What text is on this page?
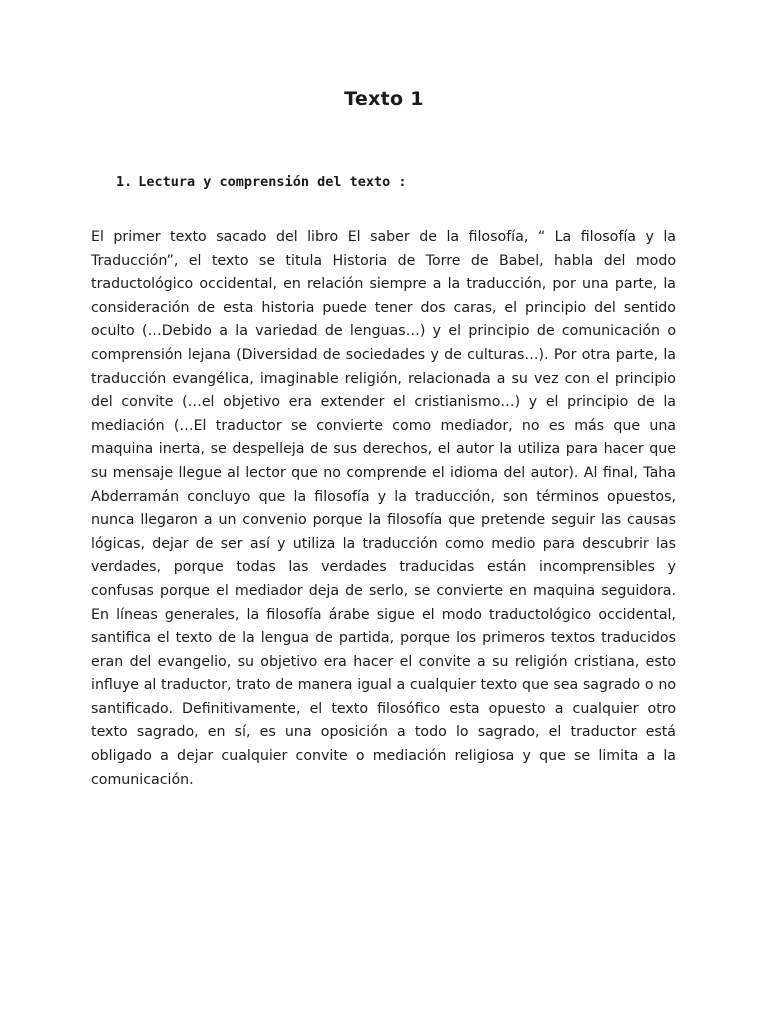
Texto 1
1. Lectura y comprensión del texto :

El primer texto sacado del libro El saber de la filosofía, “ La filosofía y la Traducción”, el texto se titula Historia de Torre de Babel, habla del modo traductológico occidental, en relación siempre a la traducción, por una parte, la consideración de esta historia puede tener dos caras, el principio del sentido oculto (…Debido a la variedad de lenguas…) y el principio de comunicación o comprensión lejana (Diversidad de sociedades y de culturas…). Por otra parte, la traducción evangélica, imaginable religión, relacionada a su vez con el principio del convite (…el objetivo era extender el cristianismo…) y el principio de la mediación (…El traductor se convierte como mediador, no es más que una maquina inerta, se despelleja de sus derechos, el autor la utiliza para hacer que su mensaje llegue al lector que no comprende el idioma del autor). Al final, Taha Abderramán concluyo que la filosofía y la traducción, son términos opuestos, nunca llegaron a un convenio porque la filosofía que pretende seguir las causas lógicas, dejar de ser así y utiliza la traducción como medio para descubrir las verdades, porque todas las verdades traducidas están incomprensibles y confusas porque el mediador deja de serlo, se convierte en maquina seguidora. En líneas generales, la filosofía árabe sigue el modo traductológico occidental, santifica el texto de la lengua de partida, porque los primeros textos traducidos eran del evangelio, su objetivo era hacer el convite a su religión cristiana, esto influye al traductor, trato de manera igual a cualquier texto que sea sagrado o no santificado. Definitivamente, el texto filosófico esta opuesto a cualquier otro texto sagrado, en sí, es una oposición a todo lo sagrado, el traductor está obligado a dejar cualquier convite o mediación religiosa y que se limita a la comunicación.
